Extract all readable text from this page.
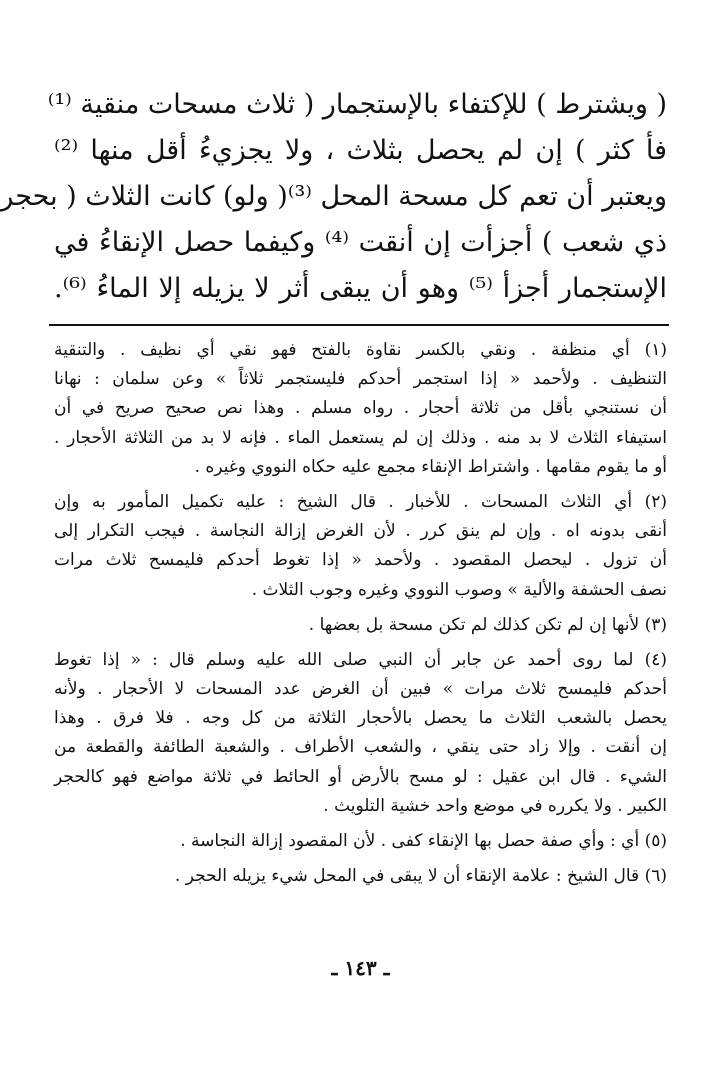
( ويشترط ) للإكتفاء بالإستجمار ( ثلاث مسحات منقية ⁽¹⁾
فأ كثر ) إن لم يحصل بثلاث ، ولا يجزيءُ أقل منها ⁽²⁾
ويعتبر أن تعم كل مسحة المحل ⁽³⁾( ولو) كانت الثلاث ( بحجر
ذي شعب ) أجزأت إن أنقت ⁽⁴⁾ وكيفما حصل الإنقاءُ في
الإستجمار أجزأ ⁽⁵⁾ وهو أن يبقى أثر لا يزيله إلا الماءُ ⁽⁶⁾.
(١) أي منظفة . ونقي بالكسر نقاوة بالفتح فهو نقي أي نظيف . والتنقية
التنظيف . ولأحمد « إذا استجمر أحدكم فليستجمر ثلاثاً » وعن سلمان : نهانا
أن نستنجي بأقل من ثلاثة أحجار . رواه مسلم . وهذا نص صحيح صريح في أن
استيفاء الثلاث لا بد منه . وذلك إن لم يستعمل الماء . فإنه لا بد من الثلاثة الأحجار .
أو ما يقوم مقامها . واشتراط الإنقاء مجمع عليه حكاه النووي وغيره .
(٢) أي الثلاث المسحات . للأخبار . قال الشيخ : عليه تكميل المأمور به وإن
أنقى بدونه اه . وإن لم ينق كرر . لأن الغرض إزالة النجاسة . فيجب التكرار إلى
أن تزول . ليحصل المقصود . ولأحمد « إذا تغوط أحدكم فليمسح ثلاث مرات
نصف الحشفة والألية » وصوب النووي وغيره وجوب الثلاث .
(٣) لأنها إن لم تكن كذلك لم تكن مسحة بل بعضها .
(٤) لما روى أحمد عن جابر أن النبي صلى الله عليه وسلم قال : « إذا تغوط
أحدكم فليمسح ثلاث مرات » فبين أن الغرض عدد المسحات لا الأحجار . ولأنه
يحصل بالشعب الثلاث ما يحصل بالأحجار الثلاثة من كل وجه . فلا فرق . وهذا
إن أنقت . وإلا زاد حتى ينقي ، والشعب الأطراف . والشعبة الطائفة والقطعة من
الشيء . قال ابن عقيل : لو مسح بالأرض أو الحائط في ثلاثة مواضع فهو كالحجر
الكبير . ولا يكرره في موضع واحد خشية التلويث .
(٥) أي : وأي صفة حصل بها الإنقاء كفى . لأن المقصود إزالة النجاسة .
(٦) قال الشيخ : علامة الإنقاء أن لا يبقى في المحل شيء يزيله الحجر .
ـ ١٤٣ ـ
